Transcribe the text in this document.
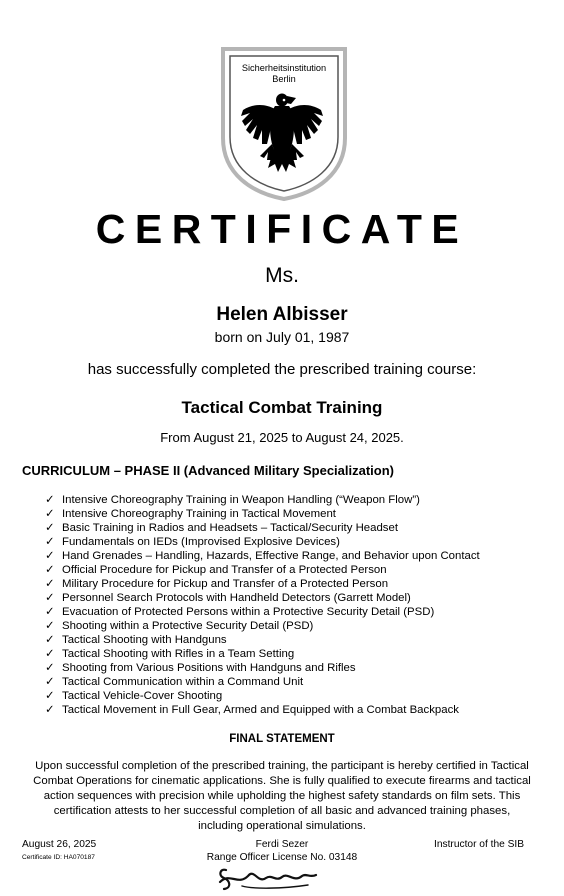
Sicherheitsinstitution
Berlin
CERTIFICATE
Ms.
Helen Albisser
born on July 01, 1987
has successfully completed the prescribed training course:
Tactical Combat Training
From August 21, 2025 to August 24, 2025.
CURRICULUM – PHASE II (Advanced Military Specialization)
✓ Intensive Choreography Training in Weapon Handling (“Weapon Flow”)
✓ Intensive Choreography Training in Tactical Movement
✓ Basic Training in Radios and Headsets – Tactical/Security Headset
✓ Fundamentals on IEDs (Improvised Explosive Devices)
✓ Hand Grenades – Handling, Hazards, Effective Range, and Behavior upon Contact
✓ Official Procedure for Pickup and Transfer of a Protected Person
✓ Military Procedure for Pickup and Transfer of a Protected Person
✓ Personnel Search Protocols with Handheld Detectors (Garrett Model)
✓ Evacuation of Protected Persons within a Protective Security Detail (PSD)
✓ Shooting within a Protective Security Detail (PSD)
✓ Tactical Shooting with Handguns
✓ Tactical Shooting with Rifles in a Team Setting
✓ Shooting from Various Positions with Handguns and Rifles
✓ Tactical Communication within a Command Unit
✓ Tactical Vehicle-Cover Shooting
✓ Tactical Movement in Full Gear, Armed and Equipped with a Combat Backpack
FINAL STATEMENT
Upon successful completion of the prescribed training, the participant is hereby certified in Tactical Combat Operations for cinematic applications. She is fully qualified to execute firearms and tactical action sequences with precision while upholding the highest safety standards on film sets. This certification attests to her successful completion of all basic and advanced training phases, including operational simulations.
August 26, 2025
Certificate ID: HA070187
Ferdi Sezer
Range Officer License No. 03148
Instructor of the SIB
